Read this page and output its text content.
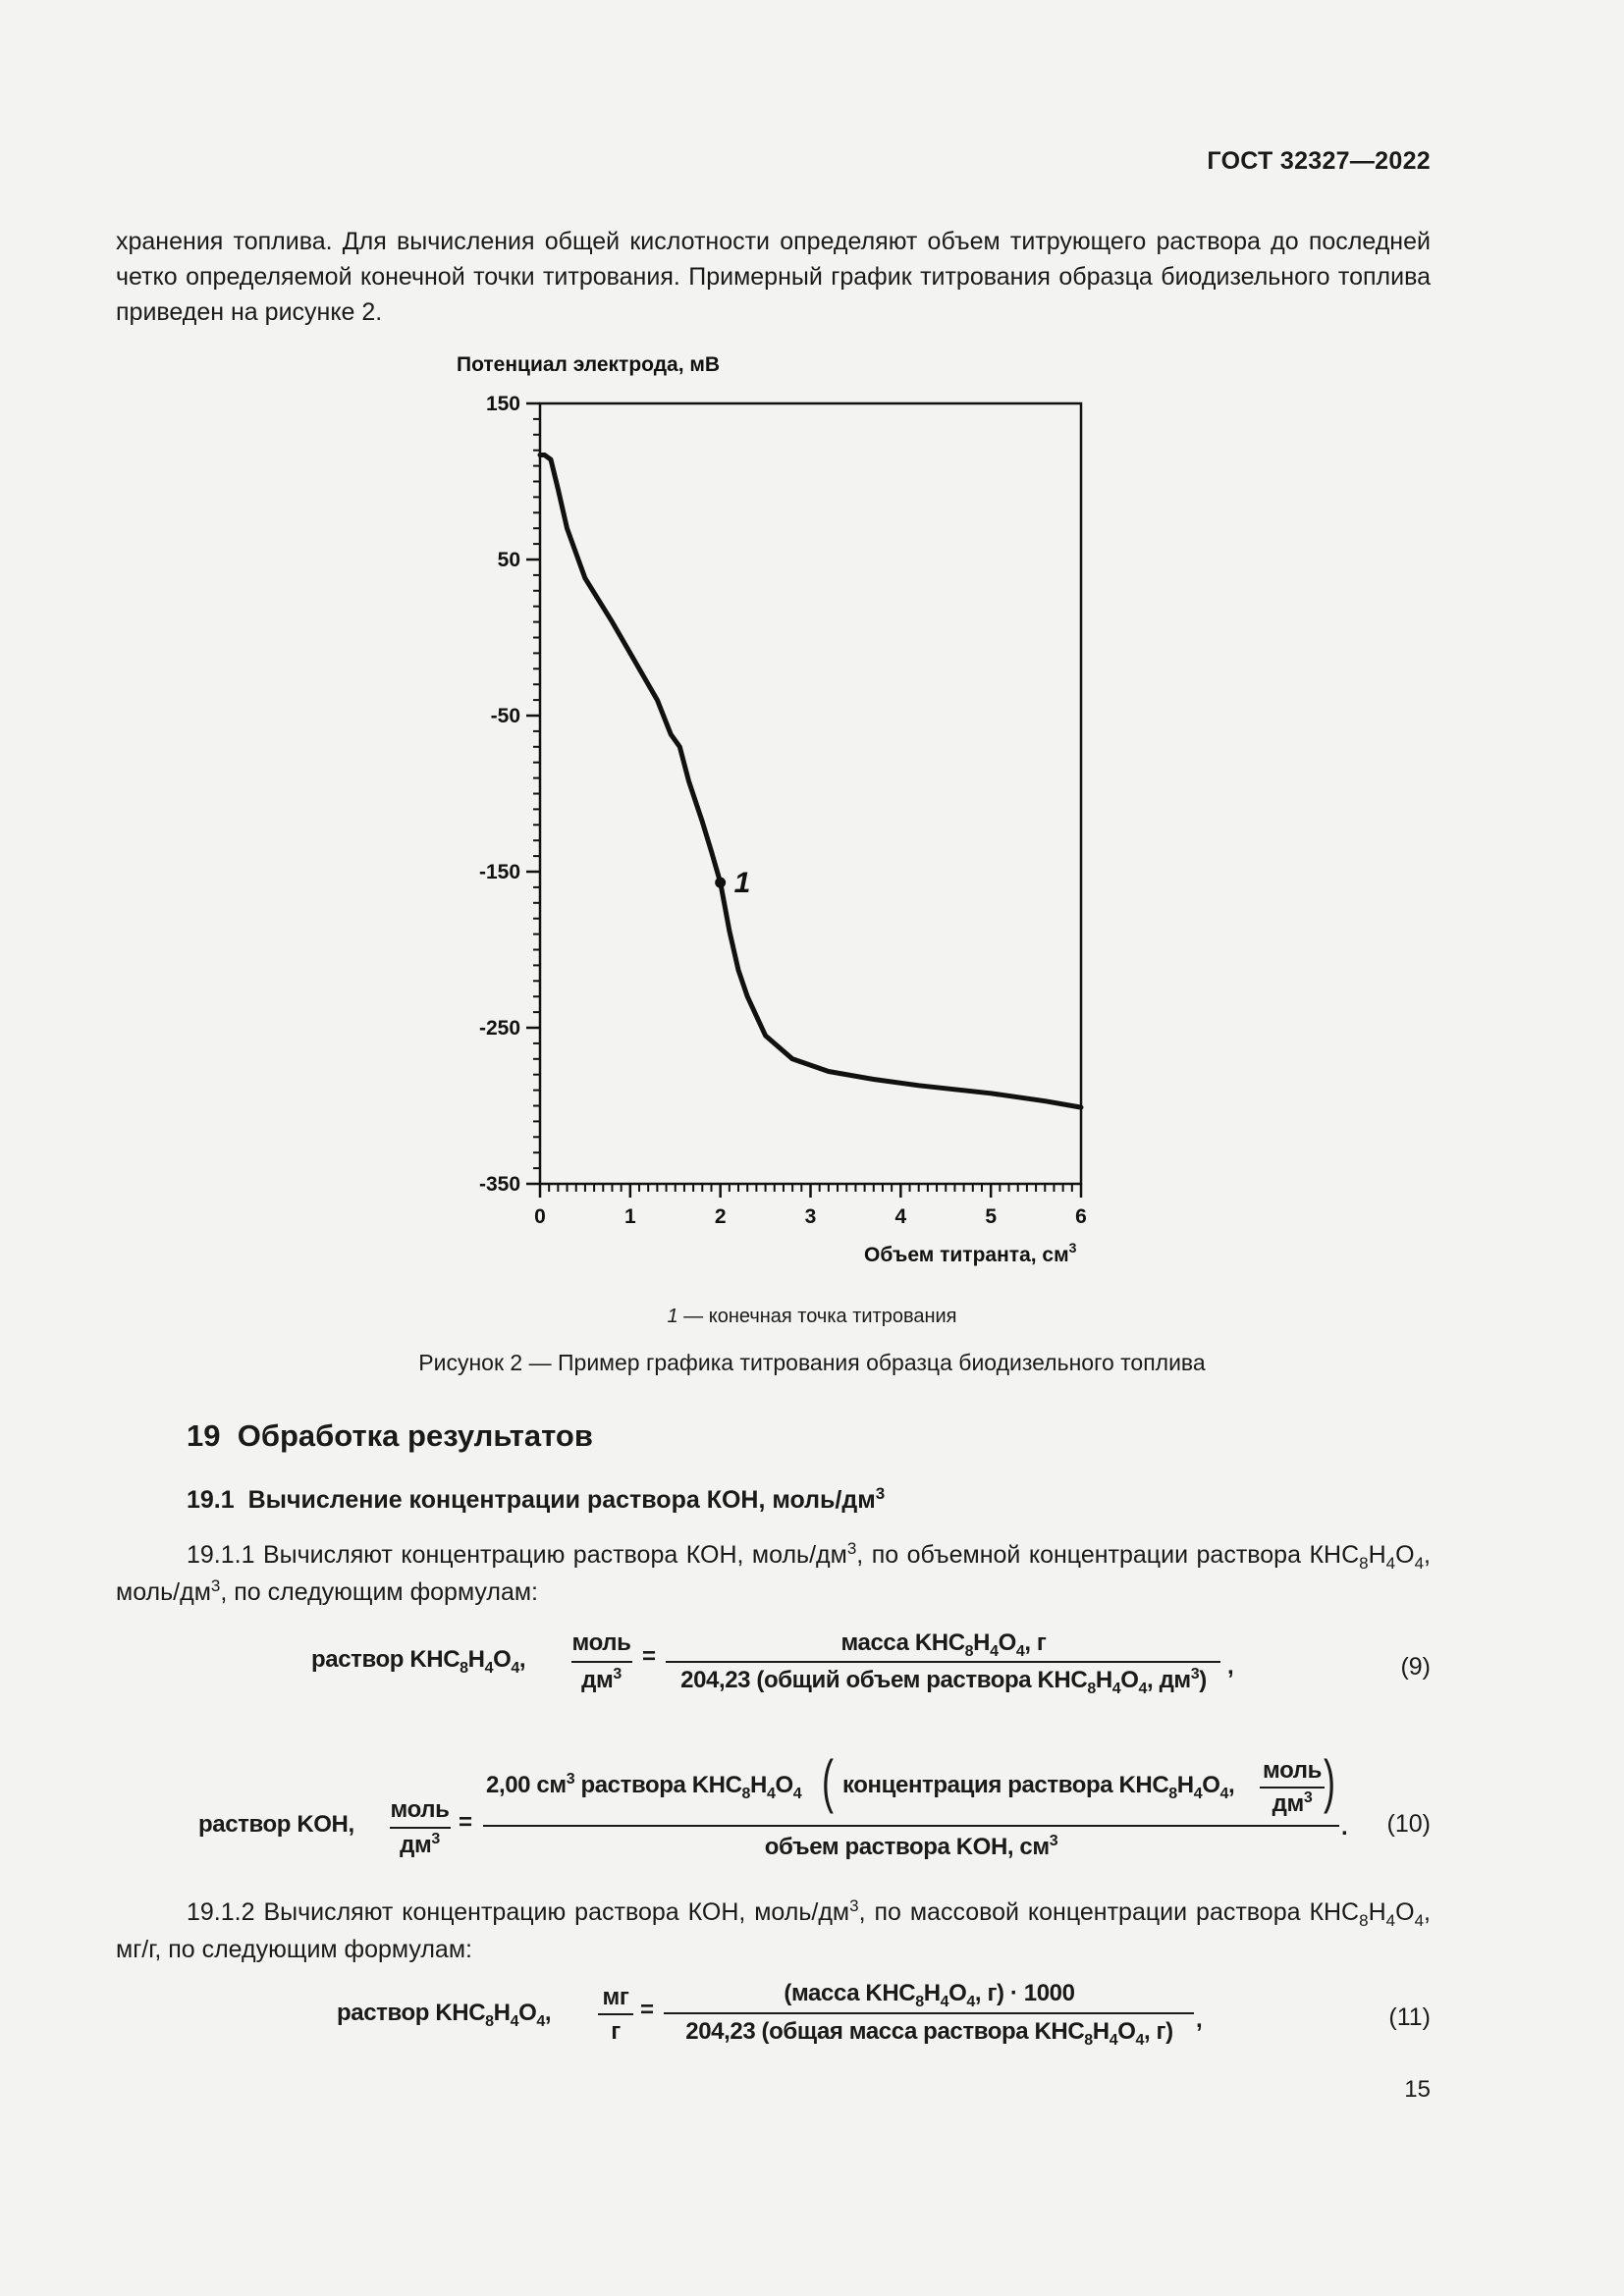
ГОСТ 32327—2022
хранения топлива. Для вычисления общей кислотности определяют объем титрующего раствора до последней четко определяемой конечной точки титрования. Примерный график титрования образца биодизельного топлива приведен на рисунке 2.
Потенциал электрода, мВ
150
50
-50
-150
-250
-350
0	1	2	3	4	5	6
1
Объем титранта, $см^3$
1 — конечная точка титрования
Рисунок 2 — Пример графика титрования образца биодизельного топлива
19 Обработка результатов
19.1 Вычисление концентрации раствора КОН, моль/$дм^3$
19.1.1 Вычисляют концентрацию раствора КОН, моль/$дм^3$, по объемной концентрации раствора $КНС_8Н_4О_4$, моль/$дм^3$, по следующим формулам:
раствор $KHC_8H_4O_4$,
моль
$дм^3$
=
масса $KHC_8H_4O_4$, г
204,23 (общий объем раствора $KHC_8H_4O_4$, $дм^3$)
,	(9)
раствор KOH,
моль
$дм^3$
=
2,00 $см^3$ раствора $KHC_8H_4O_4$ ( концентрация раствора $KHC_8H_4O_4$,
моль
$дм^3$ )
объем раствора KOH, $см^3$
. (10)
19.1.2 Вычисляют концентрацию раствора КОН, моль/$дм^3$, по массовой концентрации раствора $КНС_8Н_4О_4$, мг/г, по следующим формулам:
раствор $KHC_8H_4O_4$,
мг
г
=
(масса $KHC_8H_4O_4$, г) · 1000
204,23 (общая масса раствора $KHC_8H_4O_4$, г) ,	(11)
15
